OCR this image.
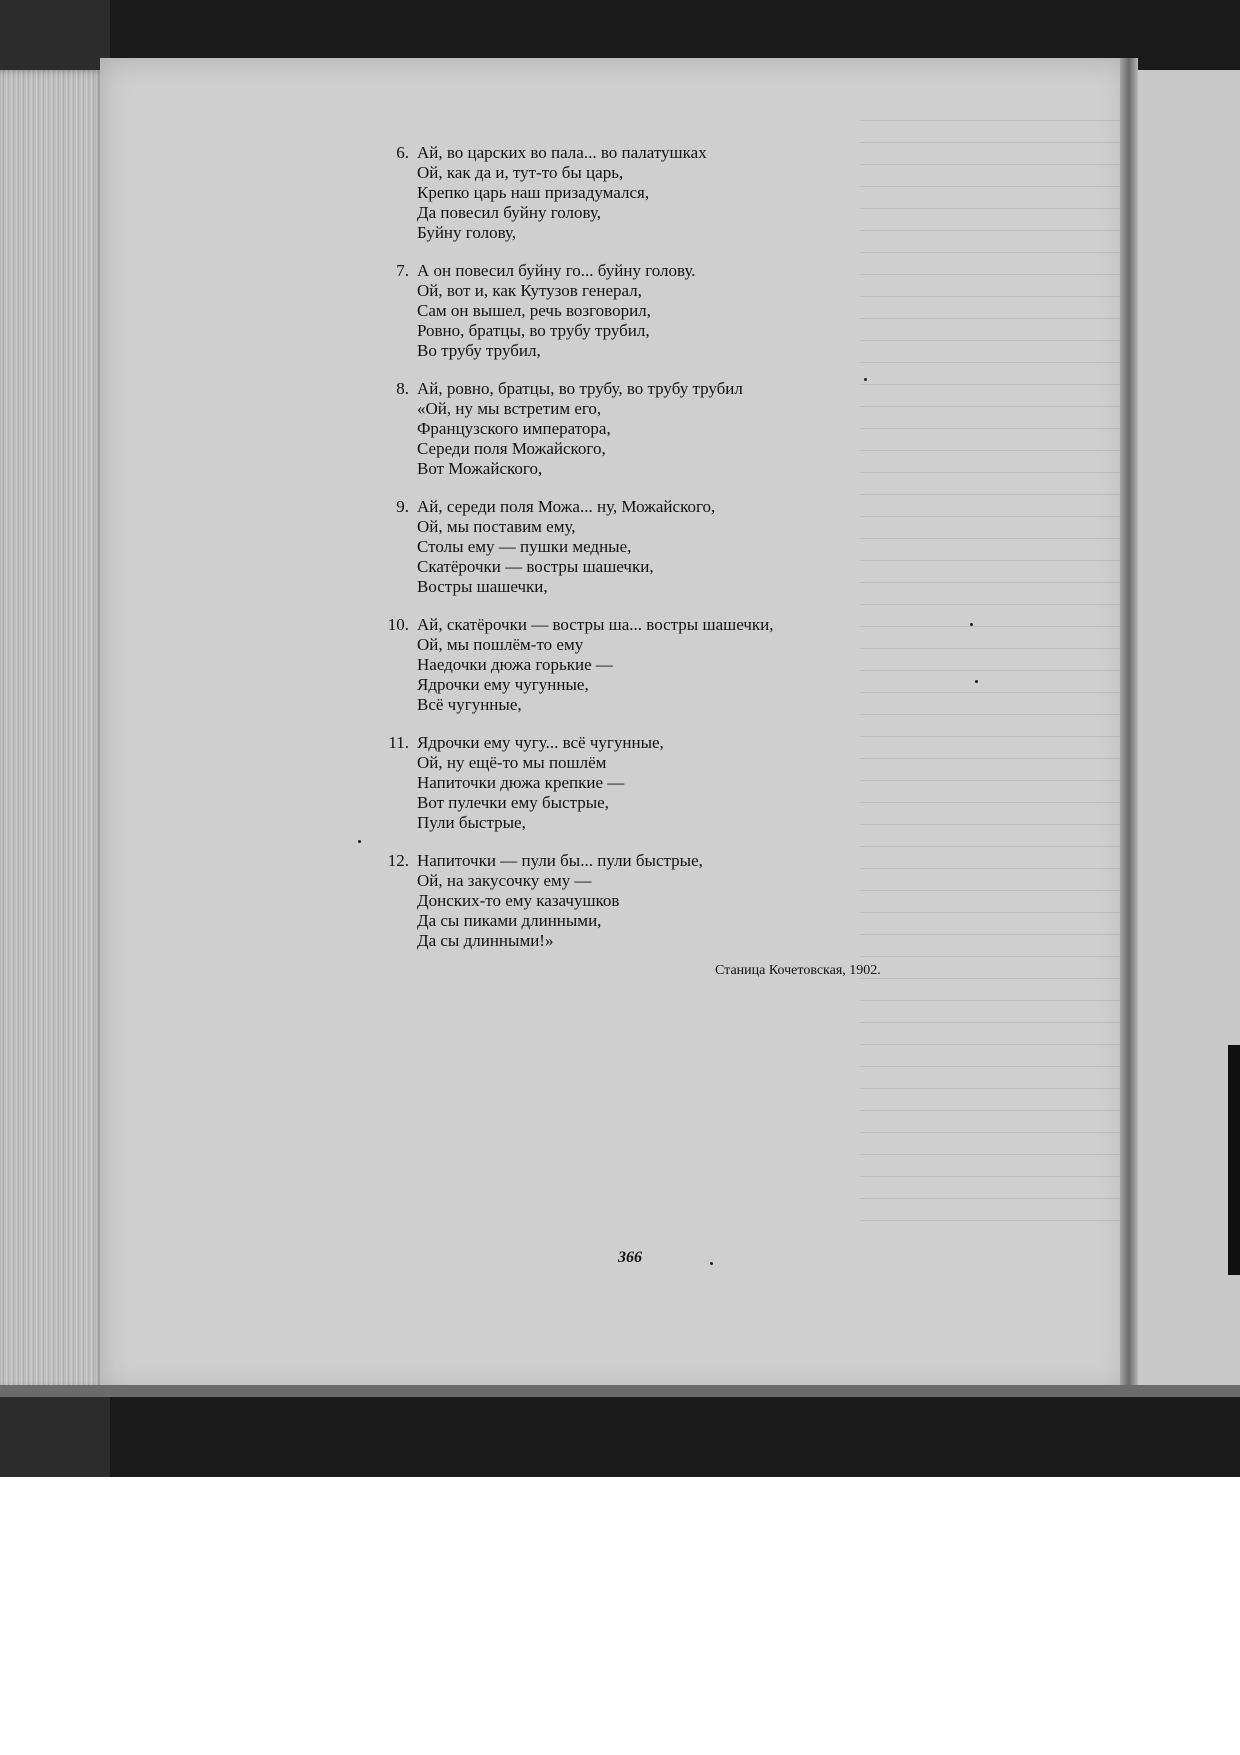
6. Ай, во царских во пала... во палатушках
Ой, как да и, тут-то бы царь,
Крепко царь наш призадумался,
Да повесил буйну голову,
Буйну голову,
7. А он повесил буйну го... буйну голову.
Ой, вот и, как Кутузов генерал,
Сам он вышел, речь возговорил,
Ровно, братцы, во трубу трубил,
Во трубу трубил,
8. Ай, ровно, братцы, во трубу, во трубу трубил
«Ой, ну мы встретим его,
Французского императора,
Середи поля Можайского,
Вот Можайского,
9. Ай, середи поля Можа... ну, Можайского,
Ой, мы поставим ему,
Столы ему — пушки медные,
Скатёрочки — востры шашечки,
Востры шашечки,
10. Ай, скатёрочки — востры ша... востры шашечки,
Ой, мы пошлём-то ему
Наедочки дюжа горькие —
Ядрочки ему чугунные,
Всё чугунные,
11. Ядрочки ему чугу... всё чугунные,
Ой, ну ещё-то мы пошлём
Напиточки дюжа крепкие —
Вот пулечки ему быстрые,
Пули быстрые,
12. Напиточки — пули бы... пули быстрые,
Ой, на закусочку ему —
Донских-то ему казачушков
Да сы пиками длинными,
Да сы длинными!»
Станица Кочетовская, 1902.
366
